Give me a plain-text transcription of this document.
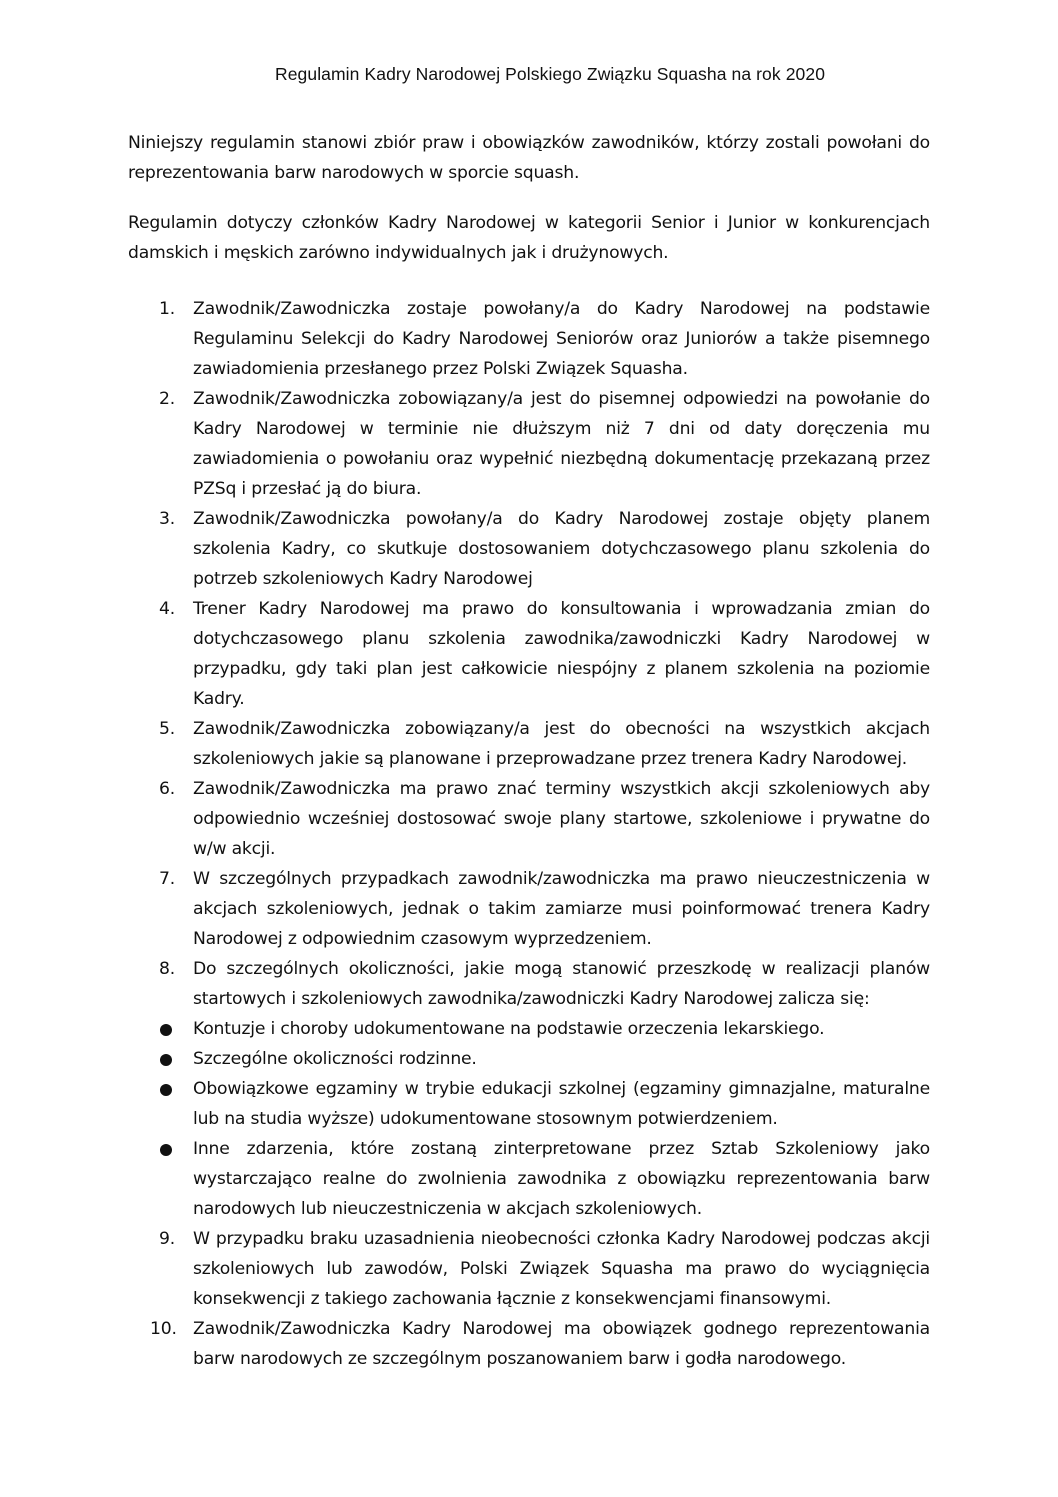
Regulamin Kadry Narodowej Polskiego Związku Squasha na rok 2020

Niniejszy regulamin stanowi zbiór praw i obowiązków zawodników, którzy zostali powołani do reprezentowania barw narodowych w sporcie squash.

Regulamin dotyczy członków Kadry Narodowej w kategorii Senior i Junior w konkurencjach damskich i męskich zarówno indywidualnych jak i drużynowych.

1. Zawodnik/Zawodniczka zostaje powołany/a do Kadry Narodowej na podstawie Regulaminu Selekcji do Kadry Narodowej Seniorów oraz Juniorów a także pisemnego zawiadomienia przesłanego przez Polski Związek Squasha.
2. Zawodnik/Zawodniczka zobowiązany/a jest do pisemnej odpowiedzi na powołanie do Kadry Narodowej w terminie nie dłuższym niż 7 dni od daty doręczenia mu zawiadomienia o powołaniu oraz wypełnić niezbędną dokumentację przekazaną przez PZSq i przesłać ją do biura.
3. Zawodnik/Zawodniczka powołany/a do Kadry Narodowej zostaje objęty planem szkolenia Kadry, co skutkuje dostosowaniem dotychczasowego planu szkolenia do potrzeb szkoleniowych Kadry Narodowej
4. Trener Kadry Narodowej ma prawo do konsultowania i wprowadzania zmian do dotychczasowego planu szkolenia zawodnika/zawodniczki Kadry Narodowej w przypadku, gdy taki plan jest całkowicie niespójny z planem szkolenia na poziomie Kadry.
5. Zawodnik/Zawodniczka zobowiązany/a jest do obecności na wszystkich akcjach szkoleniowych jakie są planowane i przeprowadzane przez trenera Kadry Narodowej.
6. Zawodnik/Zawodniczka ma prawo znać terminy wszystkich akcji szkoleniowych aby odpowiednio wcześniej dostosować swoje plany startowe, szkoleniowe i prywatne do w/w akcji.
7. W szczególnych przypadkach zawodnik/zawodniczka ma prawo nieuczestniczenia w akcjach szkoleniowych, jednak o takim zamiarze musi poinformować trenera Kadry Narodowej z odpowiednim czasowym wyprzedzeniem.
8. Do szczególnych okoliczności, jakie mogą stanowić przeszkodę w realizacji planów startowych i szkoleniowych zawodnika/zawodniczki Kadry Narodowej zalicza się:
Kontuzje i choroby udokumentowane na podstawie orzeczenia lekarskiego.
Szczególne okoliczności rodzinne.
Obowiązkowe egzaminy w trybie edukacji szkolnej (egzaminy gimnazjalne, maturalne lub na studia wyższe) udokumentowane stosownym potwierdzeniem.
Inne zdarzenia, które zostaną zinterpretowane przez Sztab Szkoleniowy jako wystarczająco realne do zwolnienia zawodnika z obowiązku reprezentowania barw narodowych lub nieuczestniczenia w akcjach szkoleniowych.
9. W przypadku braku uzasadnienia nieobecności członka Kadry Narodowej podczas akcji szkoleniowych lub zawodów, Polski Związek Squasha ma prawo do wyciągnięcia konsekwencji z takiego zachowania łącznie z konsekwencjami finansowymi.
10. Zawodnik/Zawodniczka Kadry Narodowej ma obowiązek godnego reprezentowania barw narodowych ze szczególnym poszanowaniem barw i godła narodowego.
